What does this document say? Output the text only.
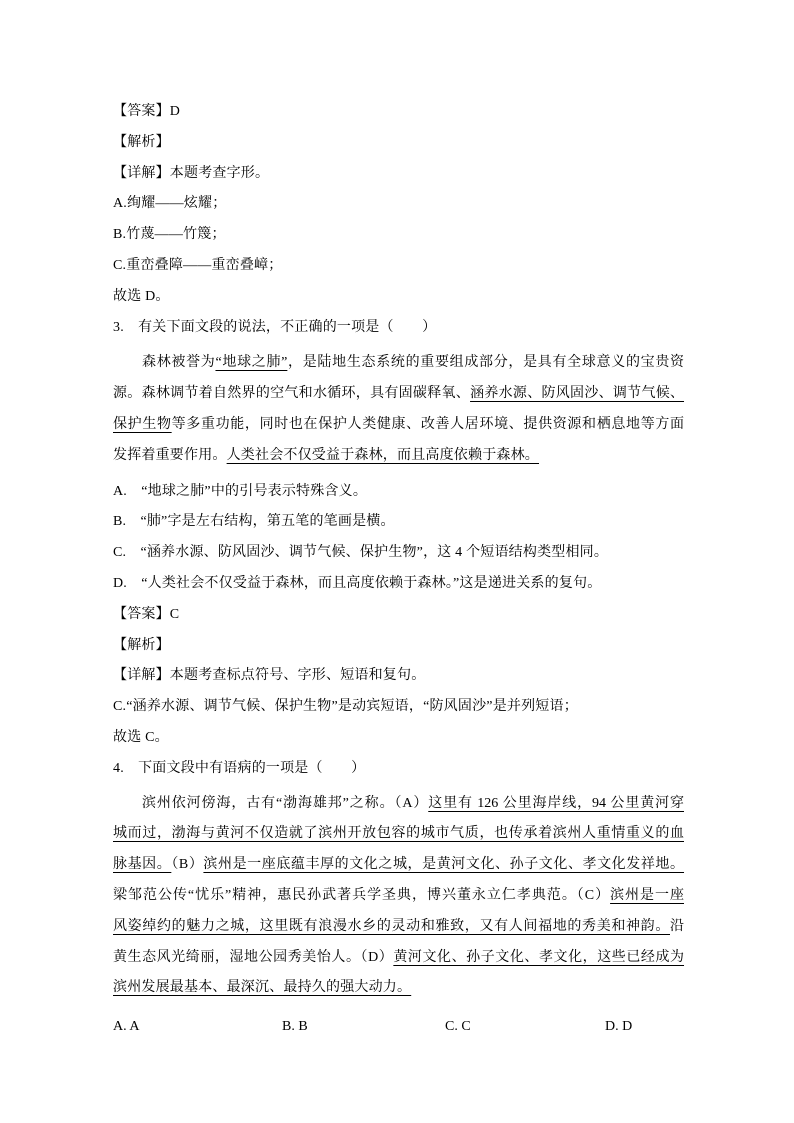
【答案】D
【解析】
【详解】本题考查字形。
A.绚耀——炫耀；
B.竹蔑——竹篾；
C.重峦叠障——重峦叠嶂；
故选 D。
3.　有关下面文段的说法，不正确的一项是（　　）
森林被誉为“地球之肺”，是陆地生态系统的重要组成部分，是具有全球意义的宝贵资
源。森林调节着自然界的空气和水循环，具有固碳释氧、涵养水源、防风固沙、调节气候、
保护生物等多重功能，同时也在保护人类健康、改善人居环境、提供资源和栖息地等方面
发挥着重要作用。人类社会不仅受益于森林，而且高度依赖于森林。
A.　“地球之肺”中的引号表示特殊含义。
B.　“肺”字是左右结构，第五笔的笔画是横。
C.　“涵养水源、防风固沙、调节气候、保护生物”，这 4 个短语结构类型相同。
D.　“人类社会不仅受益于森林，而且高度依赖于森林。”这是递进关系的复句。
【答案】C
【解析】
【详解】本题考查标点符号、字形、短语和复句。
C.“涵养水源、调节气候、保护生物”是动宾短语，“防风固沙”是并列短语；
故选 C。
4.　下面文段中有语病的一项是（　　）
滨州依河傍海，古有“渤海雄邦”之称。（A）这里有 126 公里海岸线，94 公里黄河穿
城而过，渤海与黄河不仅造就了滨州开放包容的城市气质，也传承着滨州人重情重义的血
脉基因。（B）滨州是一座底蕴丰厚的文化之城，是黄河文化、孙子文化、孝文化发祥地。
梁邹范公传“忧乐”精神，惠民孙武著兵学圣典，博兴董永立仁孝典范。（C）滨州是一座
风姿绰约的魅力之城，这里既有浪漫水乡的灵动和雅致，又有人间福地的秀美和神韵。沿
黄生态风光绮丽，湿地公园秀美怡人。（D）黄河文化、孙子文化、孝文化，这些已经成为
滨州发展最基本、最深沉、最持久的强大动力。
A. A	B. B	C. C	D. D
